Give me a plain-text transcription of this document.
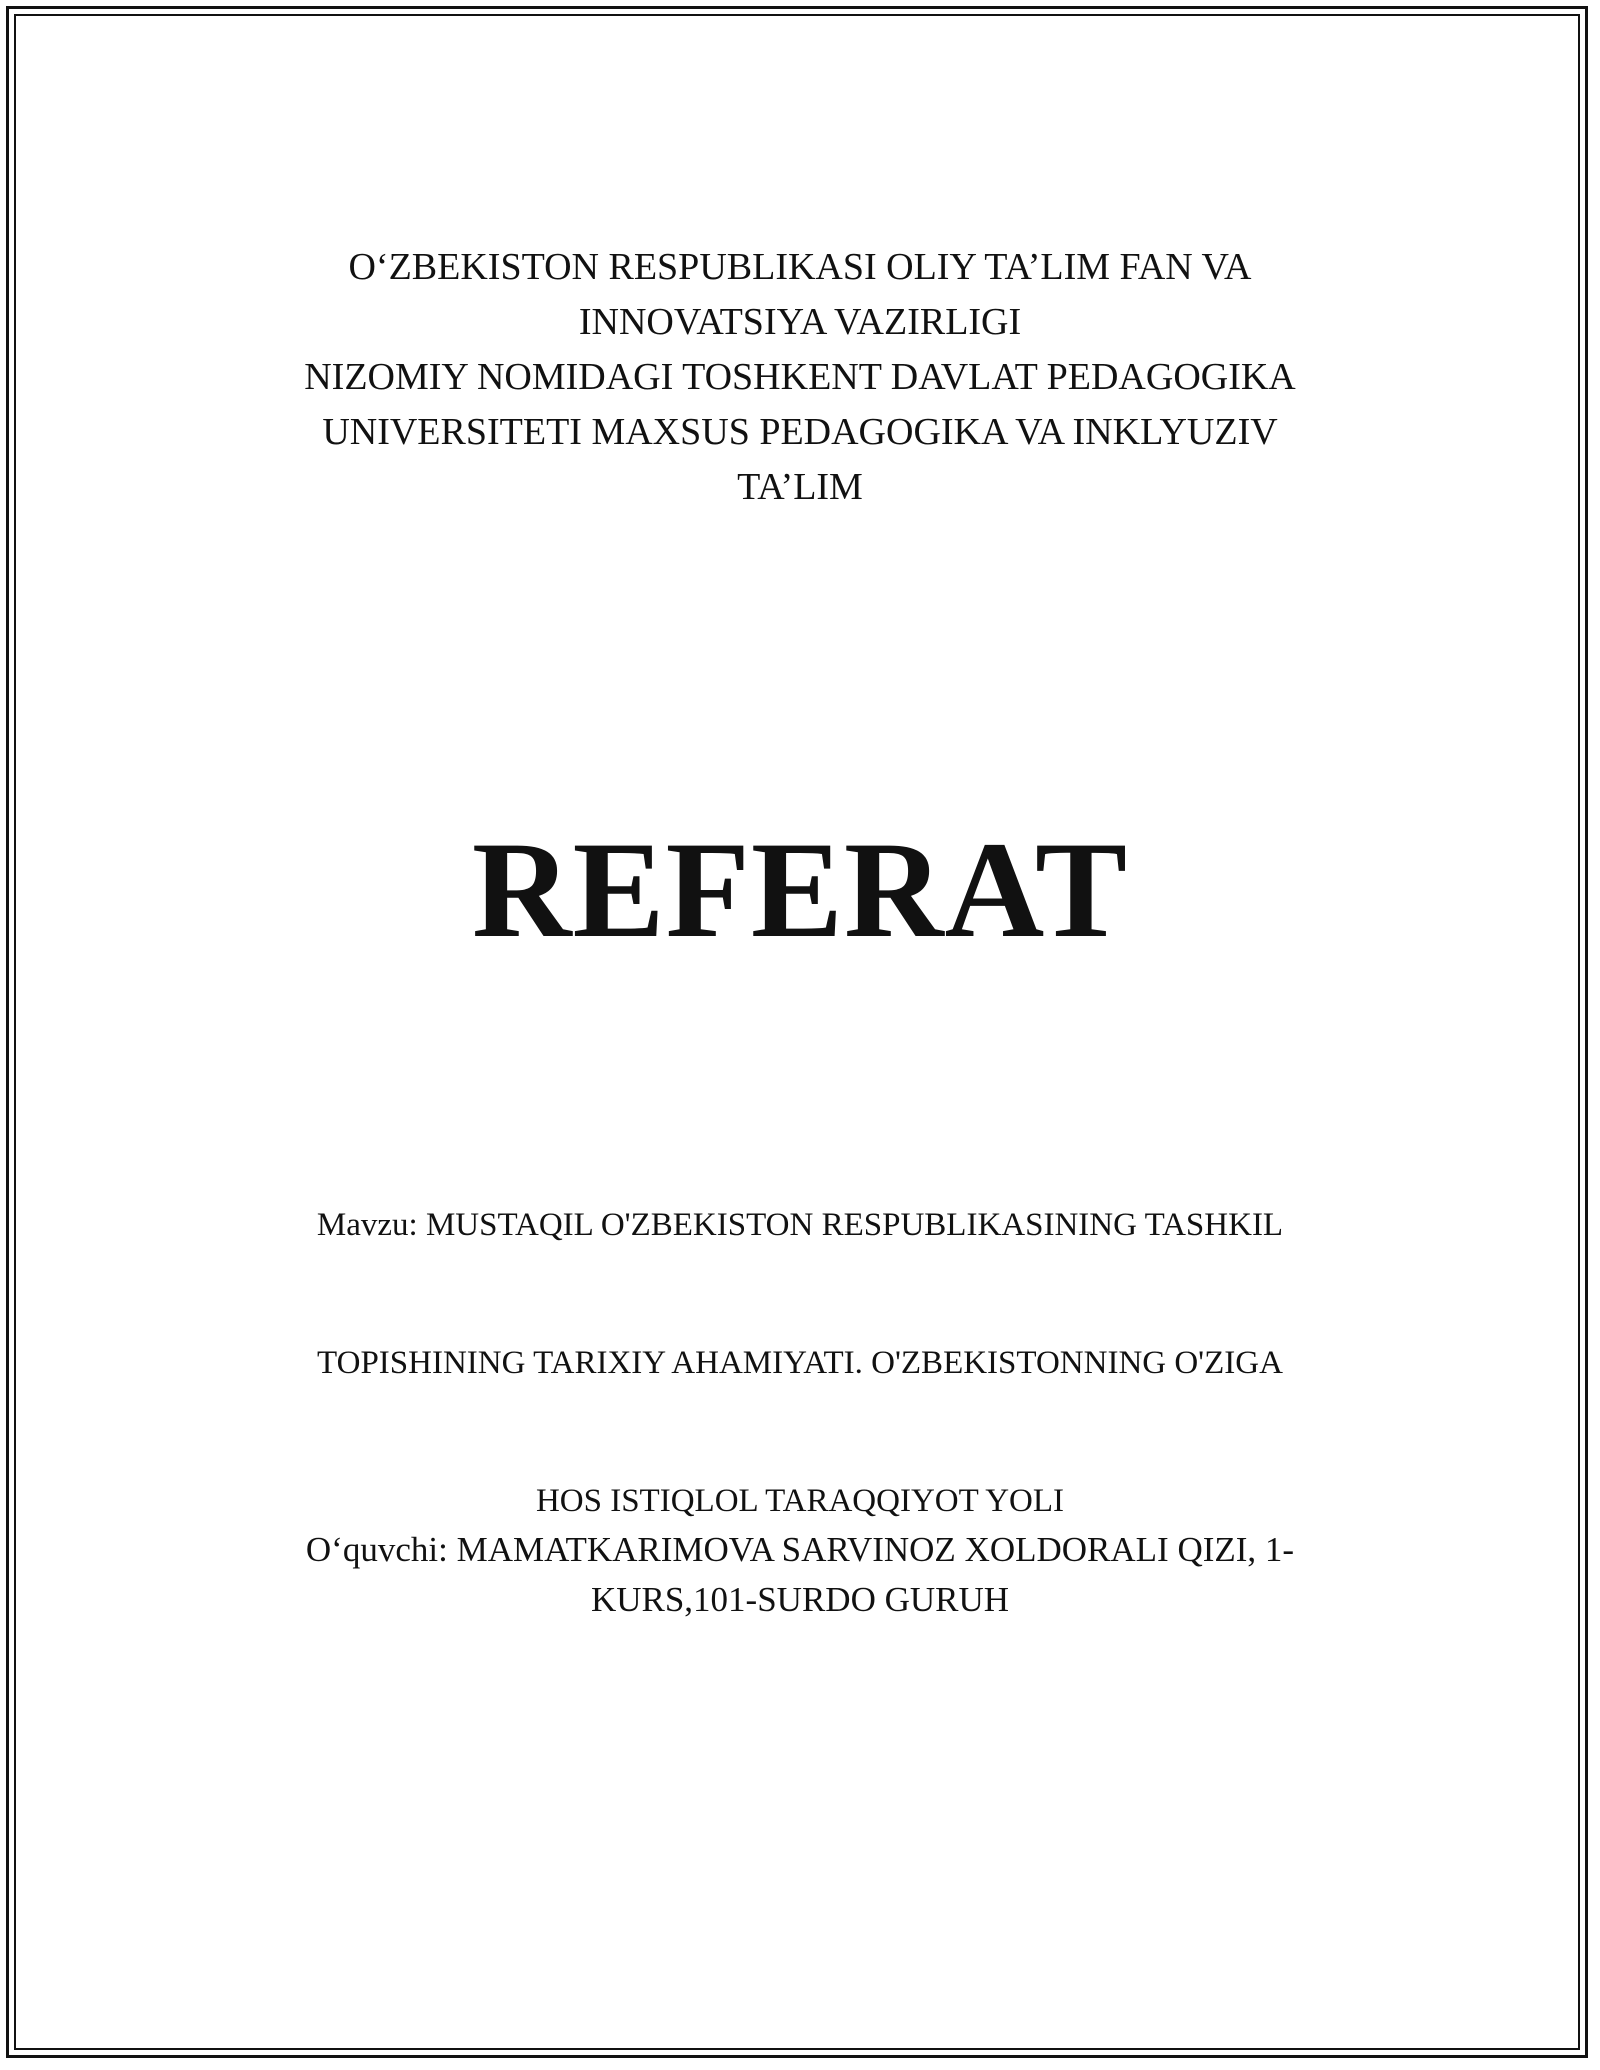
O‘ZBEKISTON RESPUBLIKASI OLIY TA’LIM FAN VA
INNOVATSIYA VAZIRLIGI
NIZOMIY NOMIDAGI TOSHKENT DAVLAT PEDAGOGIKA
UNIVERSITETI MAXSUS PEDAGOGIKA VA INKLYUZIV
TA’LIM
REFERAT

Mavzu: MUSTAQIL O'ZBEKISTON RESPUBLIKASINING TASHKIL

TOPISHINING TARIXIY AHAMIYATI. O'ZBEKISTONNING O'ZIGA

HOS ISTIQLOL TARAQQIYOT YOLI

O‘quvchi: MAMATKARIMOVA SARVINOZ XOLDORALI QIZI, 1-
KURS,101-SURDO GURUH
